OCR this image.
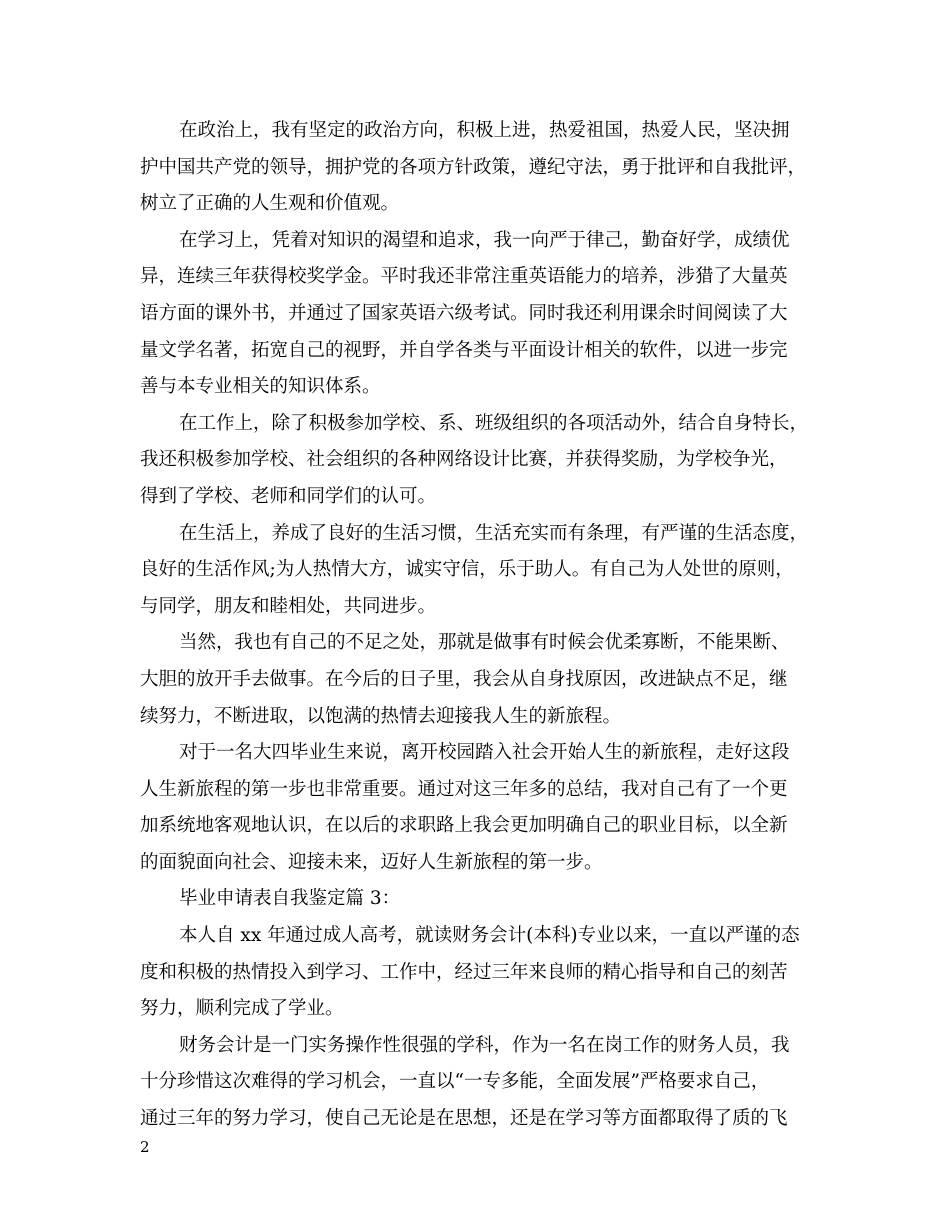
在政治上，我有坚定的政治方向，积极上进，热爱祖国，热爱人民，坚决拥
护中国共产党的领导，拥护党的各项方针政策，遵纪守法，勇于批评和自我批评，
树立了正确的人生观和价值观。
在学习上，凭着对知识的渴望和追求，我一向严于律己，勤奋好学，成绩优
异，连续三年获得校奖学金。平时我还非常注重英语能力的培养，涉猎了大量英
语方面的课外书，并通过了国家英语六级考试。同时我还利用课余时间阅读了大
量文学名著，拓宽自己的视野，并自学各类与平面设计相关的软件，以进一步完
善与本专业相关的知识体系。
在工作上，除了积极参加学校、系、班级组织的各项活动外，结合自身特长，
我还积极参加学校、社会组织的各种网络设计比赛，并获得奖励，为学校争光，
得到了学校、老师和同学们的认可。
在生活上，养成了良好的生活习惯，生活充实而有条理，有严谨的生活态度，
良好的生活作风;为人热情大方，诚实守信，乐于助人。有自己为人处世的原则，
与同学，朋友和睦相处，共同进步。
当然，我也有自己的不足之处，那就是做事有时候会优柔寡断，不能果断、
大胆的放开手去做事。在今后的日子里，我会从自身找原因，改进缺点不足，继
续努力，不断进取，以饱满的热情去迎接我人生的新旅程。
对于一名大四毕业生来说，离开校园踏入社会开始人生的新旅程，走好这段
人生新旅程的第一步也非常重要。通过对这三年多的总结，我对自己有了一个更
加系统地客观地认识，在以后的求职路上我会更加明确自己的职业目标，以全新
的面貌面向社会、迎接未来，迈好人生新旅程的第一步。
毕业申请表自我鉴定篇 3：
本人自 xx 年通过成人高考，就读财务会计(本科)专业以来，一直以严谨的态
度和积极的热情投入到学习、工作中，经过三年来良师的精心指导和自己的刻苦
努力，顺利完成了学业。
财务会计是一门实务操作性很强的学科，作为一名在岗工作的财务人员，我
十分珍惜这次难得的学习机会，一直以“一专多能，全面发展”严格要求自己，
通过三年的努力学习，使自己无论是在思想，还是在学习等方面都取得了质的飞
2
